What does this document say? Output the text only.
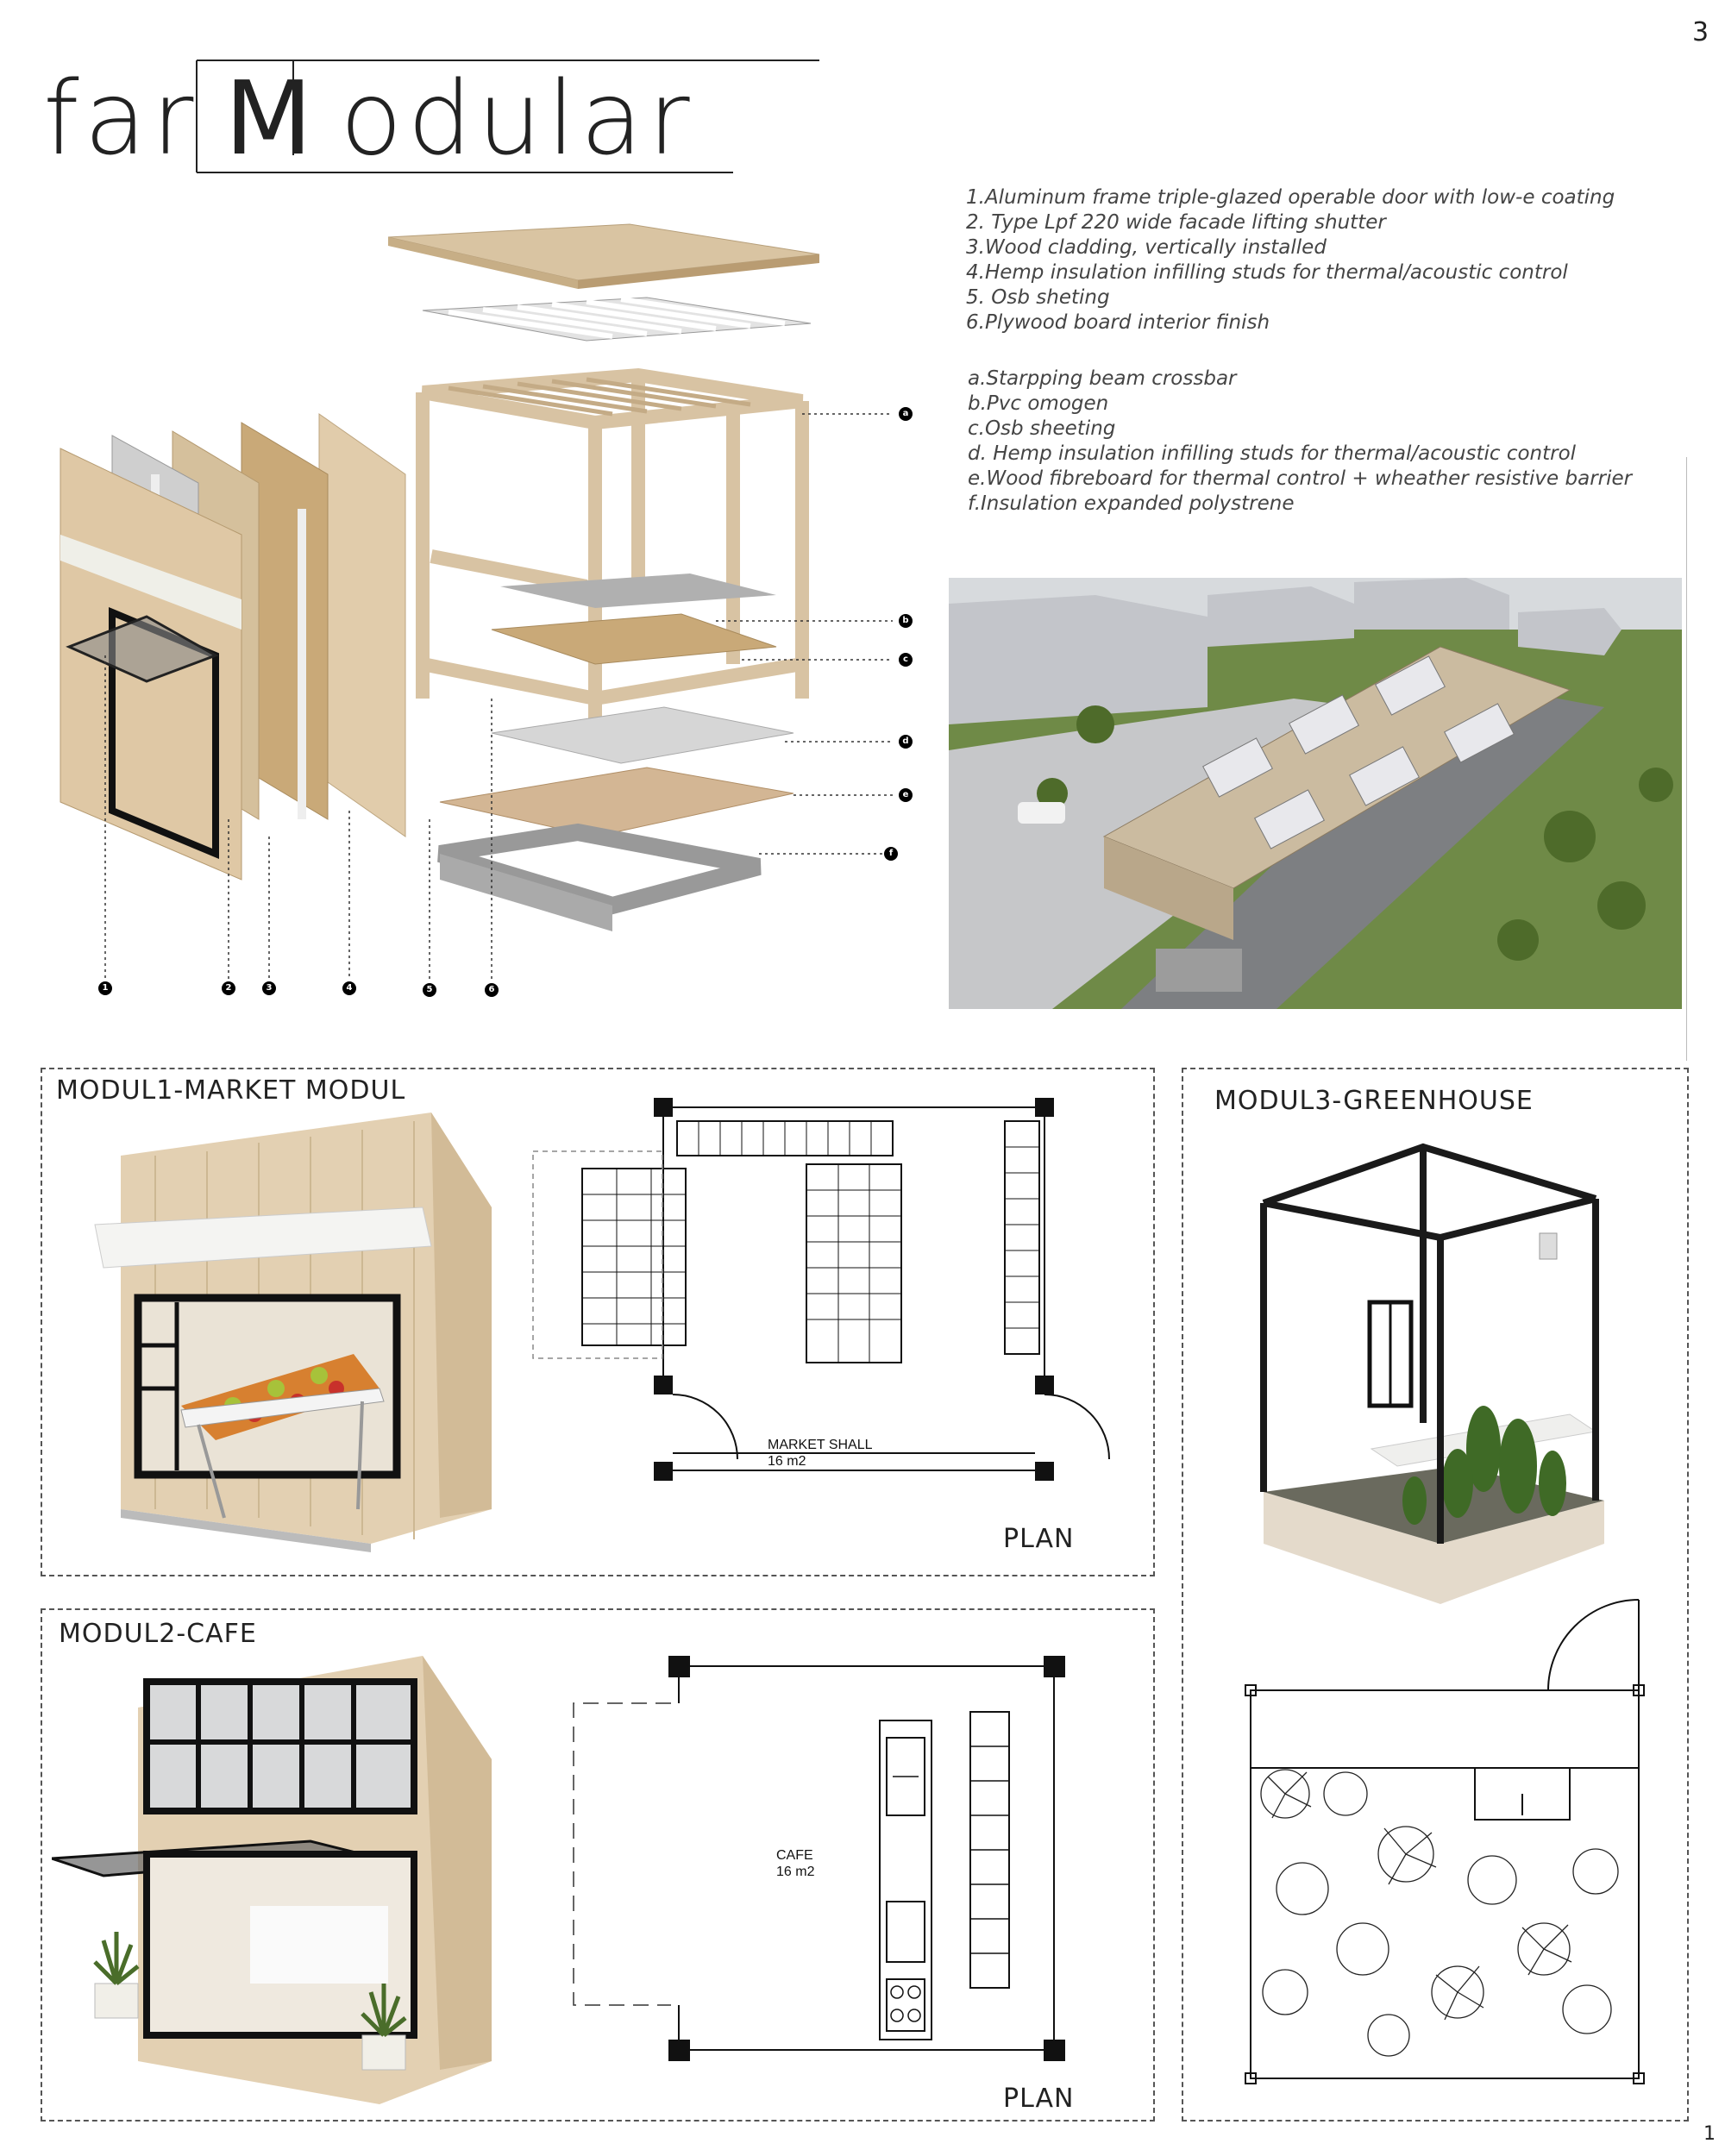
3
1
far M odular
1.Aluminum frame triple-glazed operable door with low-e coating
2. Type Lpf 220 wide facade lifting shutter
3.Wood cladding, vertically installed
4.Hemp insulation infilling studs for thermal/acoustic control
5. Osb sheting
6.Plywood board interior finish
a.Starpping beam crossbar
b.Pvc omogen
c.Osb sheeting
d. Hemp insulation infilling studs for thermal/acoustic control
e.Wood fibreboard for thermal control + wheather resistive barrier
f.Insulation expanded polystrene
a
b
c
d
e
f
1	2	3	4	5	6
MODUL1-MARKET MODUL
MARKET SHALL
16 m2
PLAN
MODUL2-CAFE
CAFE
16 m2
PLAN
MODUL3-GREENHOUSE
